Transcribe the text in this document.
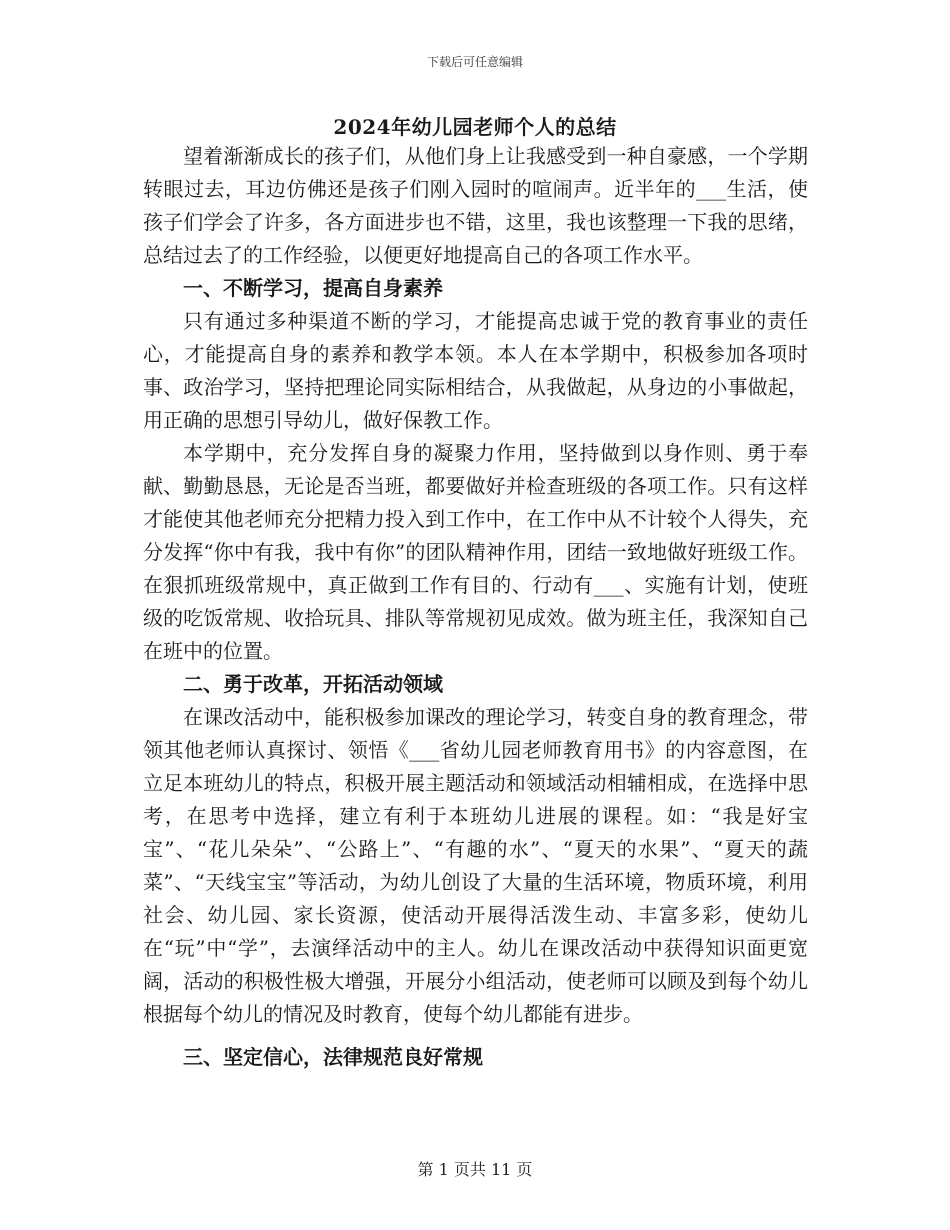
下载后可任意编辑
2024年幼儿园老师个人的总结

望着渐渐成长的孩子们，从他们身上让我感受到一种自豪感，一个学期转眼过去，耳边仿佛还是孩子们刚入园时的喧闹声。近半年的___生活，使孩子们学会了许多，各方面进步也不错，这里，我也该整理一下我的思绪，总结过去了的工作经验，以便更好地提高自己的各项工作水平。

一、不断学习，提高自身素养

只有通过多种渠道不断的学习，才能提高忠诚于党的教育事业的责任心，才能提高自身的素养和教学本领。本人在本学期中，积极参加各项时事、政治学习，坚持把理论同实际相结合，从我做起，从身边的小事做起，用正确的思想引导幼儿，做好保教工作。

本学期中，充分发挥自身的凝聚力作用，坚持做到以身作则、勇于奉献、勤勤恳恳，无论是否当班，都要做好并检查班级的各项工作。只有这样才能使其他老师充分把精力投入到工作中，在工作中从不计较个人得失，充分发挥“你中有我，我中有你”的团队精神作用，团结一致地做好班级工作。在狠抓班级常规中，真正做到工作有目的、行动有___、实施有计划，使班级的吃饭常规、收拾玩具、排队等常规初见成效。做为班主任，我深知自己在班中的位置。

二、勇于改革，开拓活动领域

在课改活动中，能积极参加课改的理论学习，转变自身的教育理念，带领其他老师认真探讨、领悟《___省幼儿园老师教育用书》的内容意图，在立足本班幼儿的特点，积极开展主题活动和领域活动相辅相成，在选择中思考，在思考中选择，建立有利于本班幼儿进展的课程。如：“我是好宝宝”、“花儿朵朵”、“公路上”、“有趣的水”、“夏天的水果”、“夏天的蔬菜”、“天线宝宝”等活动，为幼儿创设了大量的生活环境，物质环境，利用社会、幼儿园、家长资源，使活动开展得活泼生动、丰富多彩，使幼儿在“玩”中“学”，去演绎活动中的主人。幼儿在课改活动中获得知识面更宽阔，活动的积极性极大增强，开展分小组活动，使老师可以顾及到每个幼儿根据每个幼儿的情况及时教育，使每个幼儿都能有进步。

三、坚定信心，法律规范良好常规

第 1 页共 11 页
